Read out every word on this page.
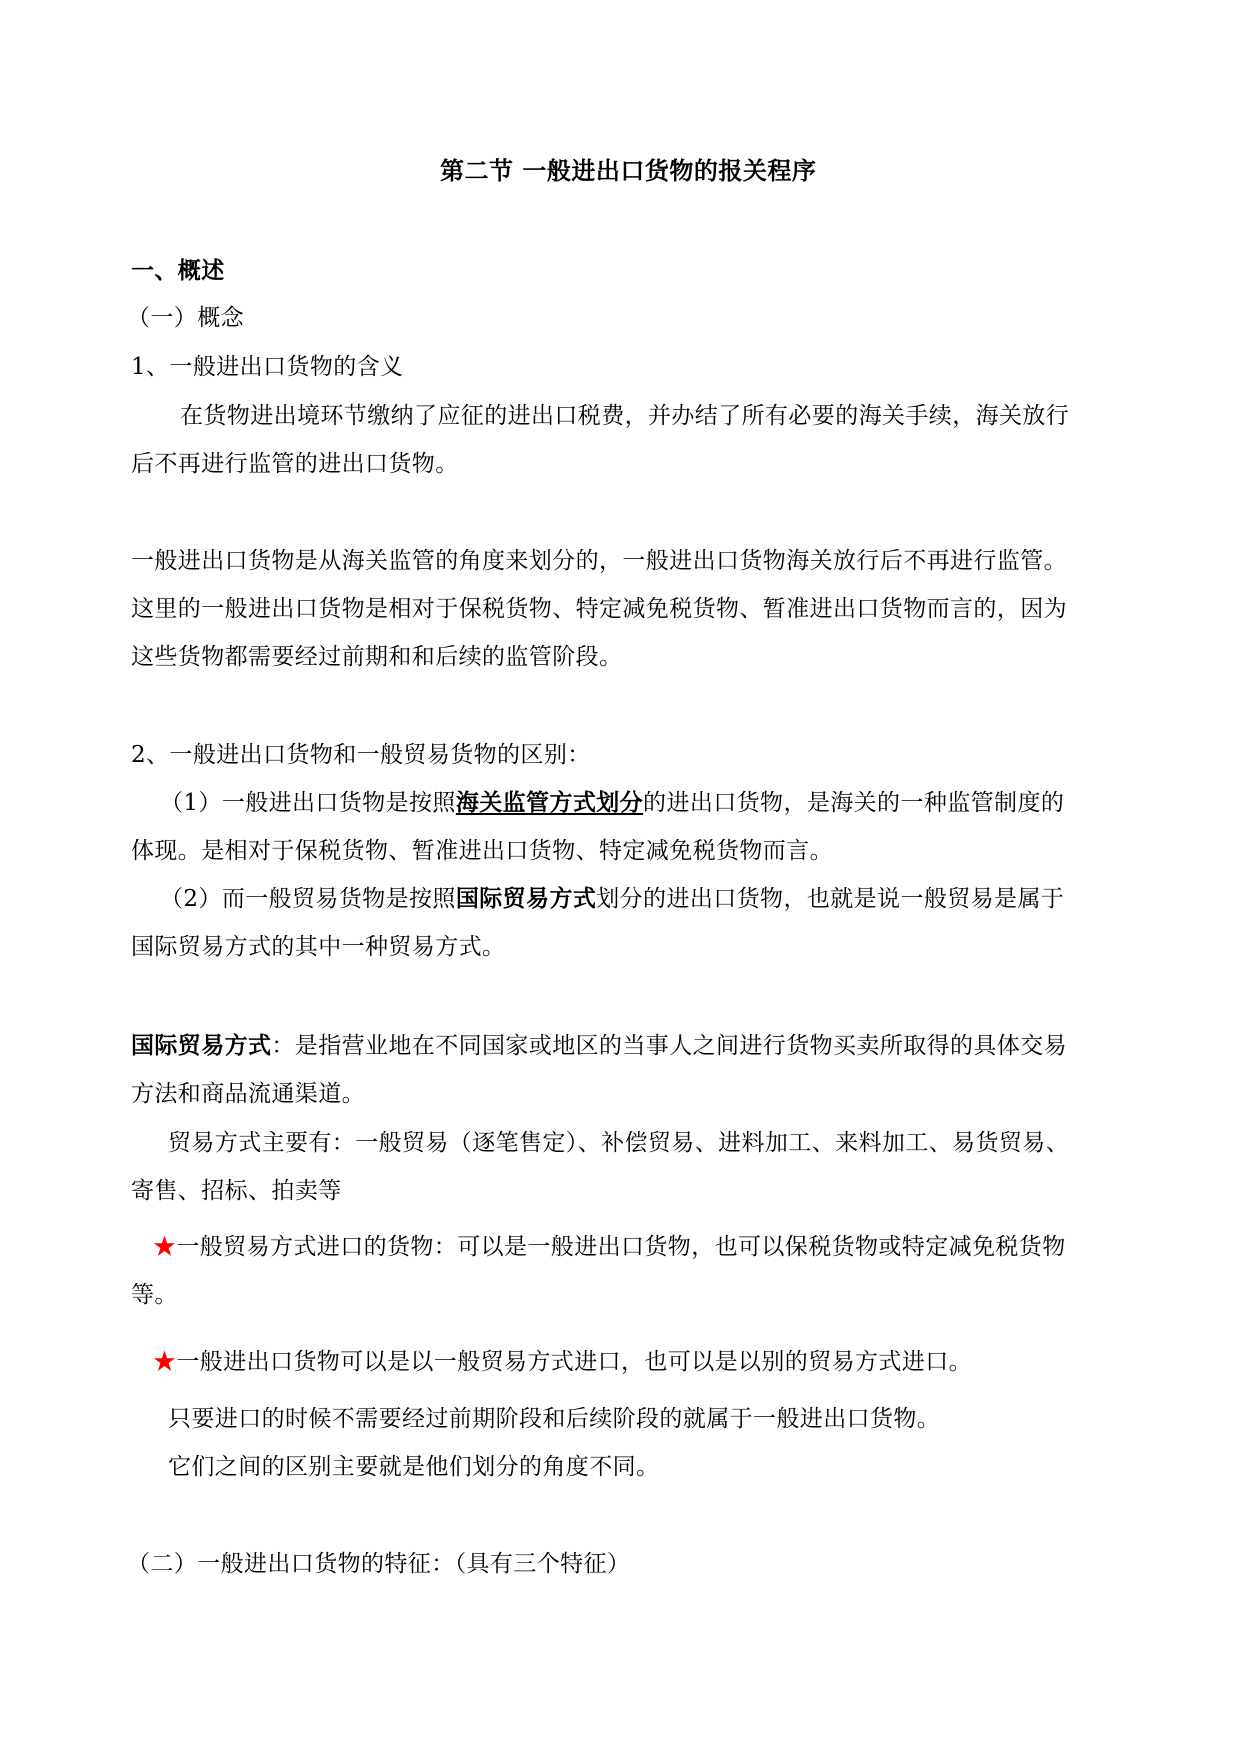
第二节 一般进出口货物的报关程序
一、概述
（一）概念
1、一般进出口货物的含义
在货物进出境环节缴纳了应征的进出口税费，并办结了所有必要的海关手续，海关放行
后不再进行监管的进出口货物。
一般进出口货物是从海关监管的角度来划分的，一般进出口货物海关放行后不再进行监管。
这里的一般进出口货物是相对于保税货物、特定减免税货物、暂准进出口货物而言的，因为
这些货物都需要经过前期和和后续的监管阶段。
2、一般进出口货物和一般贸易货物的区别：
（1）一般进出口货物是按照海关监管方式划分的进出口货物，是海关的一种监管制度的
体现。是相对于保税货物、暂准进出口货物、特定减免税货物而言。
（2）而一般贸易货物是按照国际贸易方式划分的进出口货物，也就是说一般贸易是属于
国际贸易方式的其中一种贸易方式。
国际贸易方式：是指营业地在不同国家或地区的当事人之间进行货物买卖所取得的具体交易
方法和商品流通渠道。
贸易方式主要有：一般贸易（逐笔售定）、补偿贸易、进料加工、来料加工、易货贸易、
寄售、招标、拍卖等
★一般贸易方式进口的货物：可以是一般进出口货物，也可以保税货物或特定减免税货物
等。
★一般进出口货物可以是以一般贸易方式进口，也可以是以别的贸易方式进口。
只要进口的时候不需要经过前期阶段和后续阶段的就属于一般进出口货物。
它们之间的区别主要就是他们划分的角度不同。
（二）一般进出口货物的特征：（具有三个特征）
